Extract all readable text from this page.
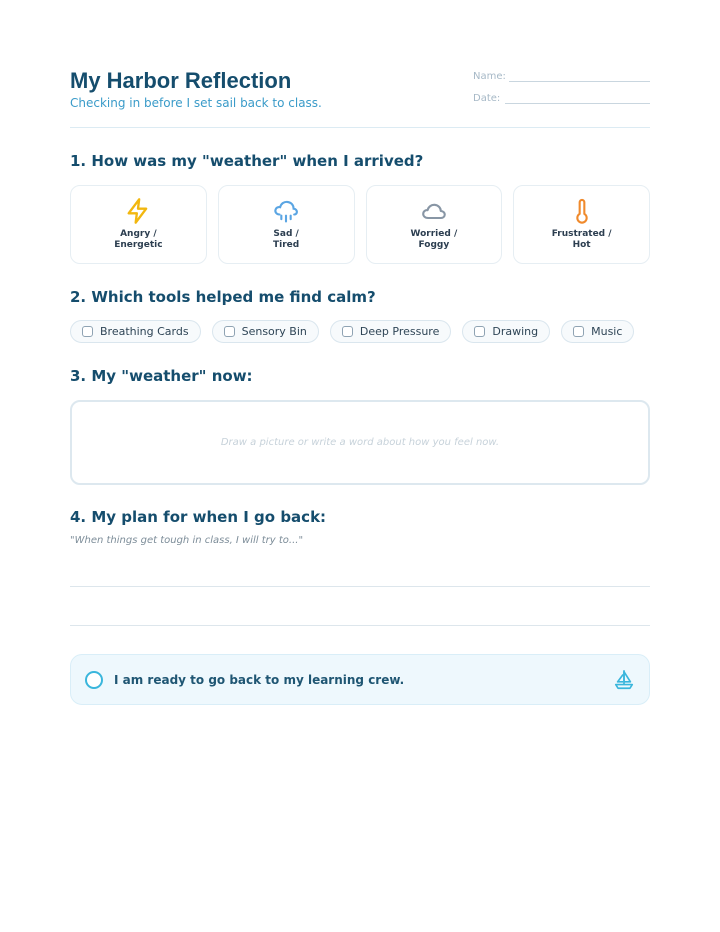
My Harbor Reflection
Checking in before I set sail back to class.
Name:
Date:
1. How was my "weather" when I arrived?
Angry /
Energetic
Sad /
Tired
Worried /
Foggy
Frustrated /
Hot
2. Which tools helped me find calm?
Breathing Cards	Sensory Bin	Deep Pressure	Drawing	Music
3. My "weather" now:
Draw a picture or write a word about how you feel now.
4. My plan for when I go back:
"When things get tough in class, I will try to..."
I am ready to go back to my learning crew.
